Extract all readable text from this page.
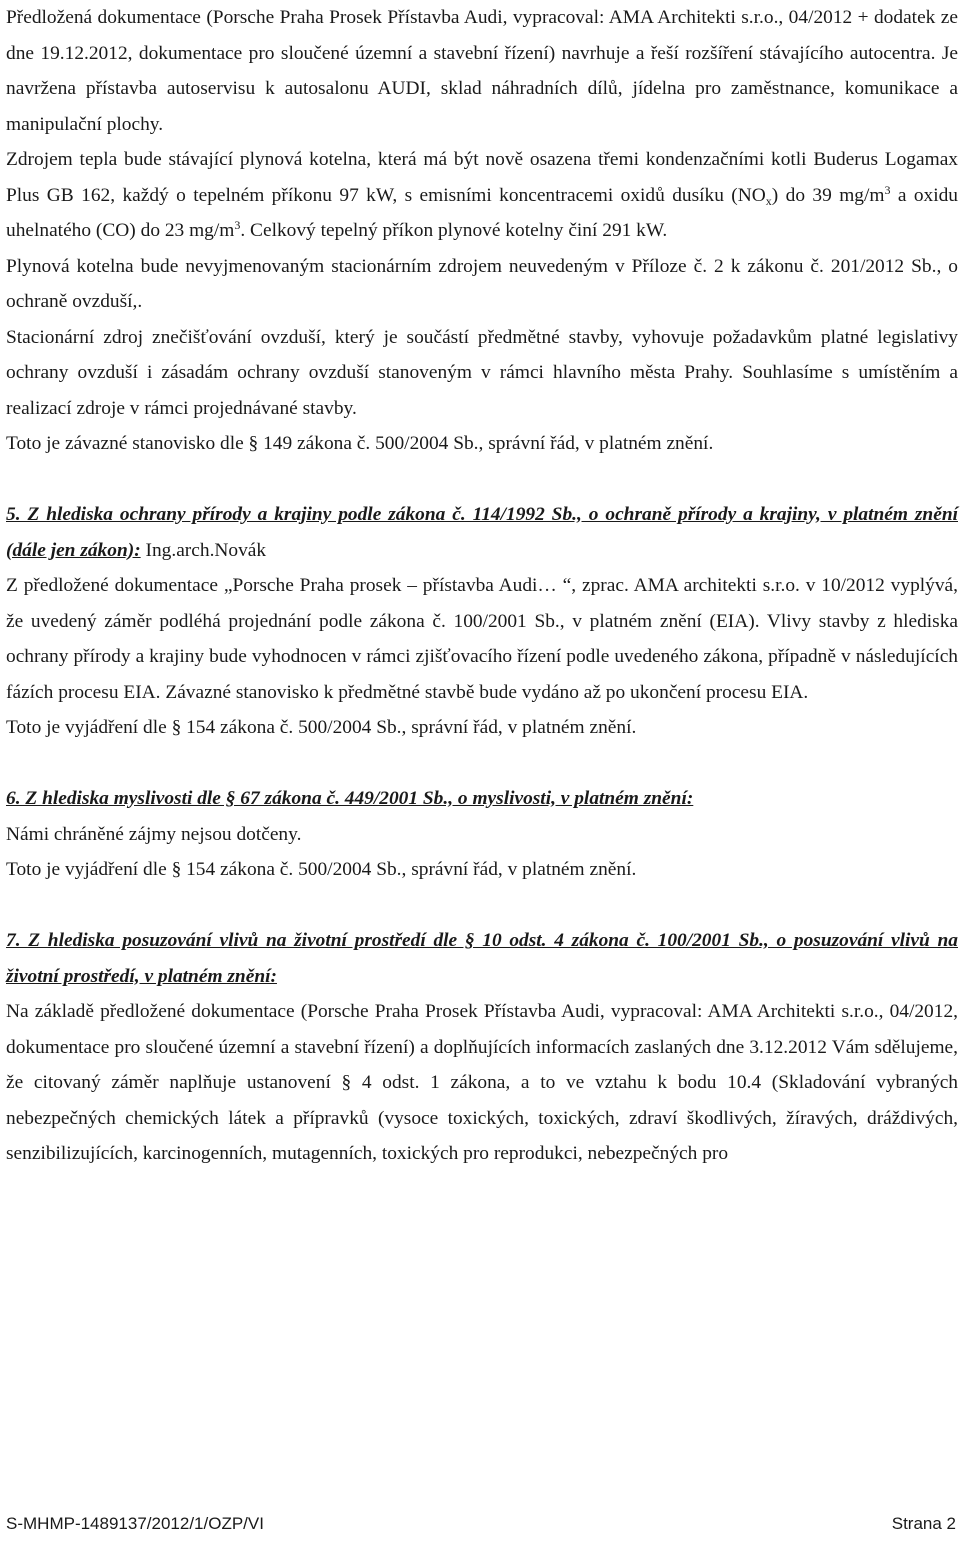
Předložená dokumentace (Porsche Praha Prosek Přístavba Audi, vypracoval: AMA Architekti s.r.o., 04/2012 + dodatek ze dne 19.12.2012, dokumentace pro sloučené územní a stavební řízení) navrhuje a řeší rozšíření stávajícího autocentra. Je navržena přístavba autoservisu k autosalonu AUDI, sklad náhradních dílů, jídelna pro zaměstnance, komunikace a manipulační plochy.

Zdrojem tepla bude stávající plynová kotelna, která má být nově osazena třemi kondenzačními kotli Buderus Logamax Plus GB 162, každý o tepelném příkonu 97 kW, s emisními koncentracemi oxidů dusíku $(NO_x)$ do 39 $mg/m^3$ a oxidu uhelnatého (CO) do 23 $mg/m^3$. Celkový tepelný příkon plynové kotelny činí 291 kW.

Plynová kotelna bude nevyjmenovaným stacionárním zdrojem neuvedeným v Příloze č. 2 k zákonu č. 201/2012 Sb., o ochraně ovzduší,.

Stacionární zdroj znečišťování ovzduší, který je součástí předmětné stavby, vyhovuje požadavkům platné legislativy ochrany ovzduší i zásadám ochrany ovzduší stanoveným v rámci hlavního města Prahy. Souhlasíme s umístěním a realizací zdroje v rámci projednávané stavby.

Toto je závazné stanovisko dle § 149 zákona č. 500/2004 Sb., správní řád, v platném znění.

5. Z hlediska ochrany přírody a krajiny podle zákona č. 114/1992 Sb., o ochraně přírody a krajiny, v platném znění (dále jen zákon): Ing.arch.Novák

Z předložené dokumentace „Porsche Praha prosek – přístavba Audi… “, zprac. AMA architekti s.r.o. v 10/2012 vyplývá, že uvedený záměr podléhá projednání podle zákona č. 100/2001 Sb., v platném znění (EIA). Vlivy stavby z hlediska ochrany přírody a krajiny bude vyhodnocen v rámci zjišťovacího řízení podle uvedeného zákona, případně v následujících fázích procesu EIA. Závazné stanovisko k předmětné stavbě bude vydáno až po ukončení procesu EIA.

Toto je vyjádření dle § 154 zákona č. 500/2004 Sb., správní řád, v platném znění.

6. Z hlediska myslivosti dle § 67 zákona č. 449/2001 Sb., o myslivosti, v platném znění:

Námi chráněné zájmy nejsou dotčeny.

Toto je vyjádření dle § 154 zákona č. 500/2004 Sb., správní řád, v platném znění.

7. Z hlediska posuzování vlivů na životní prostředí dle § 10 odst. 4 zákona č. 100/2001 Sb., o posuzování vlivů na životní prostředí, v platném znění:

Na základě předložené dokumentace (Porsche Praha Prosek Přístavba Audi, vypracoval: AMA Architekti s.r.o., 04/2012, dokumentace pro sloučené územní a stavební řízení) a doplňujících informacích zaslaných dne 3.12.2012 Vám sdělujeme, že citovaný záměr naplňuje ustanovení § 4 odst. 1 zákona, a to ve vztahu k bodu 10.4 (Skladování vybraných nebezpečných chemických látek a přípravků (vysoce toxických, toxických, zdraví škodlivých, žíravých, dráždivých, senzibilizujících, karcinogenních, mutagenních, toxických pro reprodukci, nebezpečných pro

S-MHMP-1489137/2012/1/OZP/VI	Strana 2
